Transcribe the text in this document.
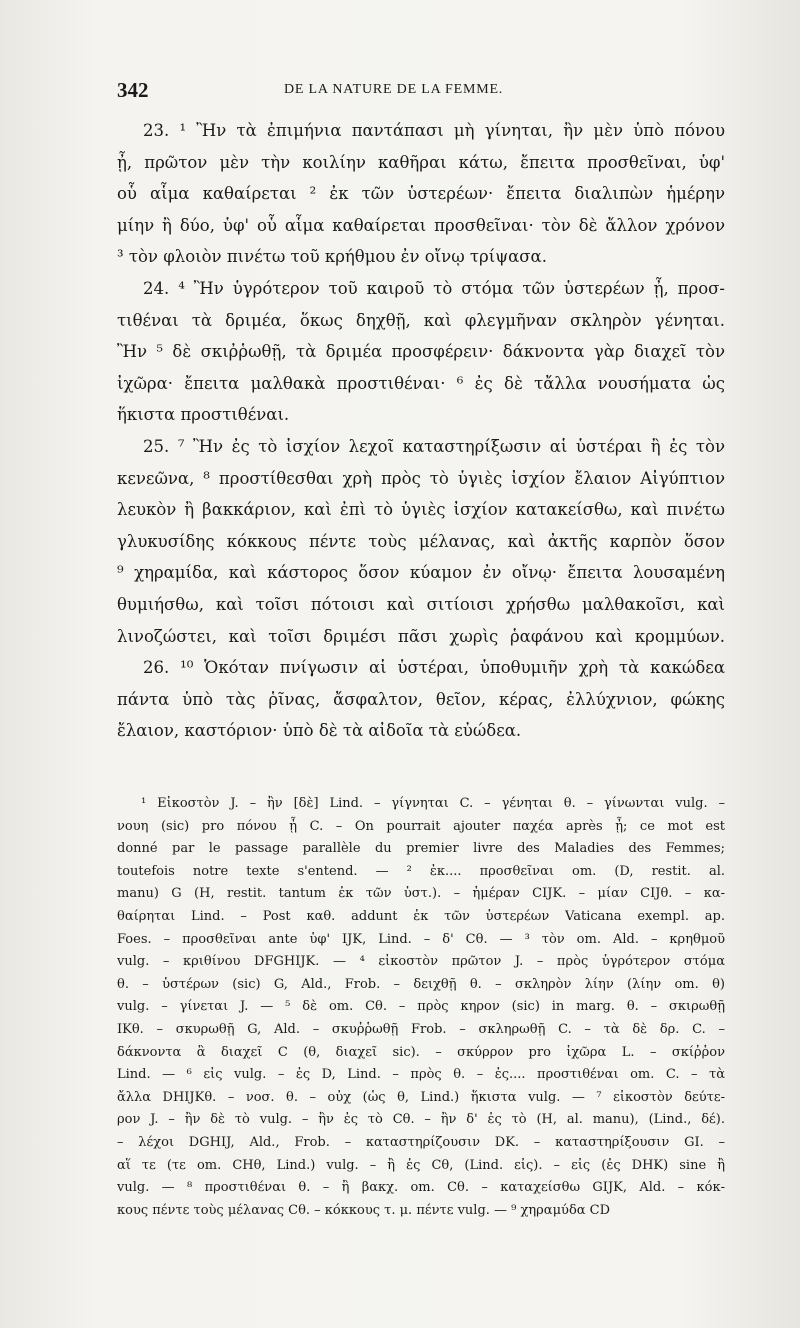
342	DE LA NATURE DE LA FEMME.
23. ¹ Ἢν τὰ ἐπιμήνια παντάπασι μὴ γίνηται, ἢν μὲν ὑπὸ πόνου
ᾖ, πρῶτον μὲν τὴν κοιλίην καθῆραι κάτω, ἔπειτα προσθεῖναι, ὑφ'
οὗ αἷμα καθαίρεται ² ἐκ τῶν ὑστερέων· ἔπειτα διαλιπὼν ἡμέρην
μίην ἢ δύο, ὑφ' οὗ αἷμα καθαίρεται προσθεῖναι· τὸν δὲ ἄλλον χρόνον
³ τὸν φλοιὸν πινέτω τοῦ κρήθμου ἐν οἴνῳ τρίψασα.
24. ⁴ Ἢν ὑγρότερον τοῦ καιροῦ τὸ στόμα τῶν ὑστερέων ᾖ, προσ-
τιθέναι τὰ δριμέα, ὅκως δηχθῇ, καὶ φλεγμῆναν σκληρὸν γένηται.
Ἢν ⁵ δὲ σκιῤῥωθῇ, τὰ δριμέα προσφέρειν· δάκνοντα γὰρ διαχεῖ τὸν
ἰχῶρα· ἔπειτα μαλθακὰ προστιθέναι· ⁶ ἐς δὲ τἄλλα νουσήματα ὡς
ἥκιστα προστιθέναι.
25. ⁷ Ἢν ἐς τὸ ἰσχίον λεχοῖ καταστηρίξωσιν αἱ ὑστέραι ἢ ἐς τὸν
κενεῶνα, ⁸ προστίθεσθαι χρὴ πρὸς τὸ ὑγιὲς ἰσχίον ἔλαιον Αἰγύπτιον
λευκὸν ἢ βακκάριον, καὶ ἐπὶ τὸ ὑγιὲς ἰσχίον κατακείσθω, καὶ πινέτω
γλυκυσίδης κόκκους πέντε τοὺς μέλανας, καὶ ἀκτῆς καρπὸν ὅσον
⁹ χηραμίδα, καὶ κάστορος ὅσον κύαμον ἐν οἴνῳ· ἔπειτα λουσαμένη
θυμιήσθω, καὶ τοῖσι πότοισι καὶ σιτίοισι χρήσθω μαλθακοῖσι, καὶ
λινοζώστει, καὶ τοῖσι δριμέσι πᾶσι χωρὶς ῥαφάνου καὶ κρομμύων.
26. ¹⁰ Ὁκόταν πνίγωσιν αἱ ὑστέραι, ὑποθυμιῆν χρὴ τὰ κακώδεα
πάντα ὑπὸ τὰς ῥῖνας, ἄσφαλτον, θεῖον, κέρας, ἐλλύχνιον, φώκης
ἔλαιον, καστόριον· ὑπὸ δὲ τὰ αἰδοῖα τὰ εὐώδεα.
¹ Εἰκοστὸν J. – ἢν [δὲ] Lind. – γίγνηται C. – γένηται θ. – γίνωνται vulg. –
νουη (sic) pro πόνου ᾖ C. – On pourrait ajouter παχέα après ᾖ; ce mot est
donné par le passage parallèle du premier livre des Maladies des Femmes;
toutefois notre texte s'entend. — ² ἐκ.... προσθεῖναι om. (D, restit. al.
manu) G (H, restit. tantum ἐκ τῶν ὑστ.). – ἡμέραν CIJK. – μίαν CIJθ. – κα-
θαίρηται Lind. – Post καθ. addunt ἐκ τῶν ὑστερέων Vaticana exempl. ap.
Foes. – προσθεῖναι ante ὑφ' IJK, Lind. – δ' Cθ. — ³ τὸν om. Ald. – κρηθμοῦ
vulg. – κριθίνου DFGHIJK. — ⁴ εἰκοστὸν πρῶτον J. – πρὸς ὑγρότερον στόμα
θ. – ὑστέρων (sic) G, Ald., Frob. – δειχθῇ θ. – σκληρὸν λίην (λίην om. θ)
vulg. – γίνεται J. — ⁵ δὲ om. Cθ. – πρὸς κηρον (sic) in marg. θ. – σκιρωθῇ
IKθ. – σκυρωθῇ G, Ald. – σκυῤῥωθῇ Frob. – σκληρωθῇ C. – τὰ δὲ δρ. C. –
δάκνοντα ἃ διαχεῖ C (θ, διαχεῖ sic). – σκύρρον pro ἰχῶρα L. – σκίῤῥον
Lind. — ⁶ εἰς vulg. – ἐς D, Lind. – πρὸς θ. – ἐς.... προστιθέναι om. C. – τὰ
ἄλλα DHIJKθ. – νοσ. θ. – οὐχ (ὡς θ, Lind.) ἥκιστα vulg. — ⁷ εἰκοστὸν δεύτε-
ρον J. – ἢν δὲ τὸ vulg. – ἢν ἐς τὸ Cθ. – ἢν δ' ἐς τὸ (H, al. manu), (Lind., δέ).
– λέχοι DGHIJ, Ald., Frob. – καταστηρίζουσιν DK. – καταστηρίξουσιν GI. –
αἵ τε (τε om. CHθ, Lind.) vulg. – ἢ ἐς Cθ, (Lind. εἰς). – εἰς (ἐς DHK) sine ἢ
vulg. — ⁸ προστιθέναι θ. – ἢ βακχ. om. Cθ. – καταχείσθω GIJK, Ald. – κόκ-
κους πέντε τοὺς μέλανας Cθ. – κόκκους τ. μ. πέντε vulg. — ⁹ χηραμύδα CD
